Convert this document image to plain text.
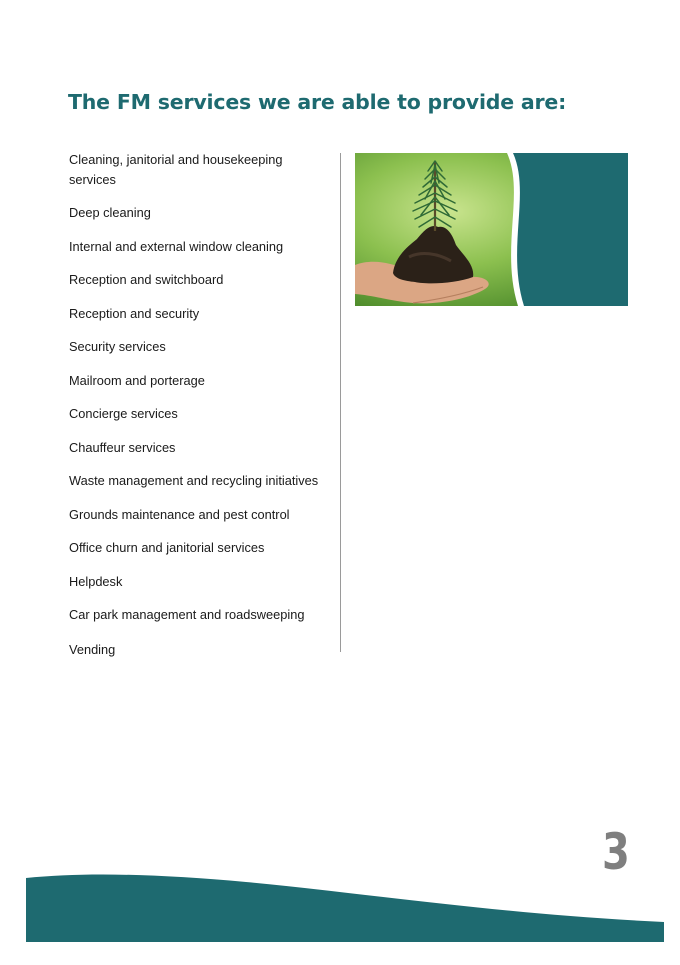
The FM services we are able to provide are:
Cleaning, janitorial and housekeeping services
Deep cleaning
Internal and external window cleaning
Reception and switchboard
Reception and security
Security services
Mailroom and porterage
Concierge services
Chauffeur services
Waste management and recycling initiatives
Grounds maintenance and pest control
Office churn and janitorial services
Helpdesk
Car park management and roadsweeping
Vending
3
